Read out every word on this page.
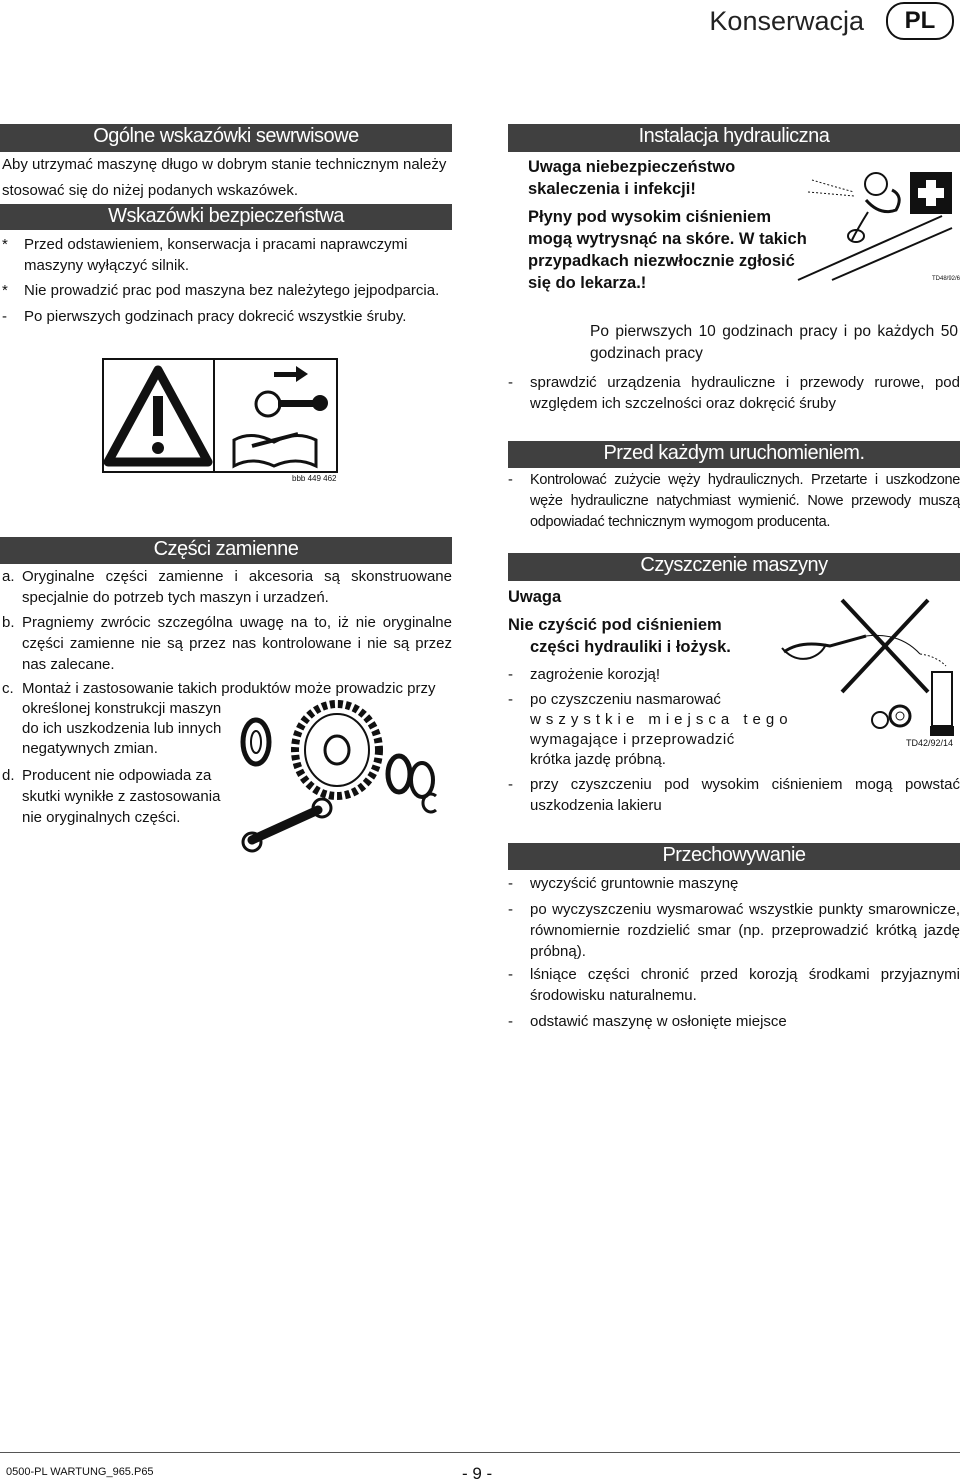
Konserwacja	PL
Ogólne wskazówki sewrwisowe
Aby utrzymać maszynę długo w dobrym stanie technicznym należy stosować się do niżej podanych wskazówek.
Wskazówki bezpieczeństwa
* Przed odstawieniem, konserwacja i pracami naprawczymi maszyny wyłączyć silnik.
* Nie prowadzić prac pod maszyna bez należytego jejpodparcia.
- Po pierwszych godzinach pracy dokrecić wszystkie śruby.
bbb 449 462
Części zamienne
a. Oryginalne części zamienne i akcesoria są skonstruowane specjalnie do potrzeb tych maszyn i urzadzeń.
b. Pragniemy zwrócic szczególna uwagę na to, iż nie oryginalne części zamienne nie są przez nas kontrolowane i nie są przez nas zalecane.
c. Montaż i zastosowanie takich produktów może prowadzic przy
określonej konstrukcji maszyn
do ich uszkodzenia lub innych
negatywnych zmian.
d. Producent nie odpowiada za
skutki wynikłe z zastosowania
nie oryginalnych części.
Instalacja hydrauliczna
Uwaga niebezpieczeństwo
skaleczenia i infekcji!
Płyny pod wysokim ciśnieniem
mogą wytrysnąć na skóre. W takich
przypadkach niezwłocznie zgłosić
się do lekarza.!	TD48/92/6
Po pierwszych 10 godzinach pracy i po każdych 50 godzinach pracy
- sprawdzić urządzenia hydrauliczne i przewody rurowe, pod względem ich szczelności oraz dokręcić śruby
Przed każdym uruchomieniem.
- Kontrolować zużycie węży hydraulicznych. Przetarte i uszkodzone węże hydrauliczne natychmiast wymienić. Nowe przewody muszą odpowiadać technicznym wymogom producenta.
Czyszczenie maszyny
Uwaga
Nie czyścić pod ciśnieniem
części hydrauliki i łożysk.
- zagrożenie korozją!
- po czyszczeniu nasmarować
wszystkie miejsca tego
wymagające i przeprowadzić
krótka jazdę próbną.
TD42/92/14
- przy czyszczeniu pod wysokim ciśnieniem mogą powstać uszkodzenia lakieru
Przechowywanie
- wyczyścić gruntownie maszynę
- po wyczyszczeniu wysmarować wszystkie punkty smarownicze, równomiernie rozdzielić smar (np. przeprowadzić krótką jazdę próbną).
- lśniące części chronić przed korozją środkami przyjaznymi środowisku naturalnemu.
- odstawić maszynę w osłonięte miejsce
0500-PL WARTUNG_965.P65	- 9 -
